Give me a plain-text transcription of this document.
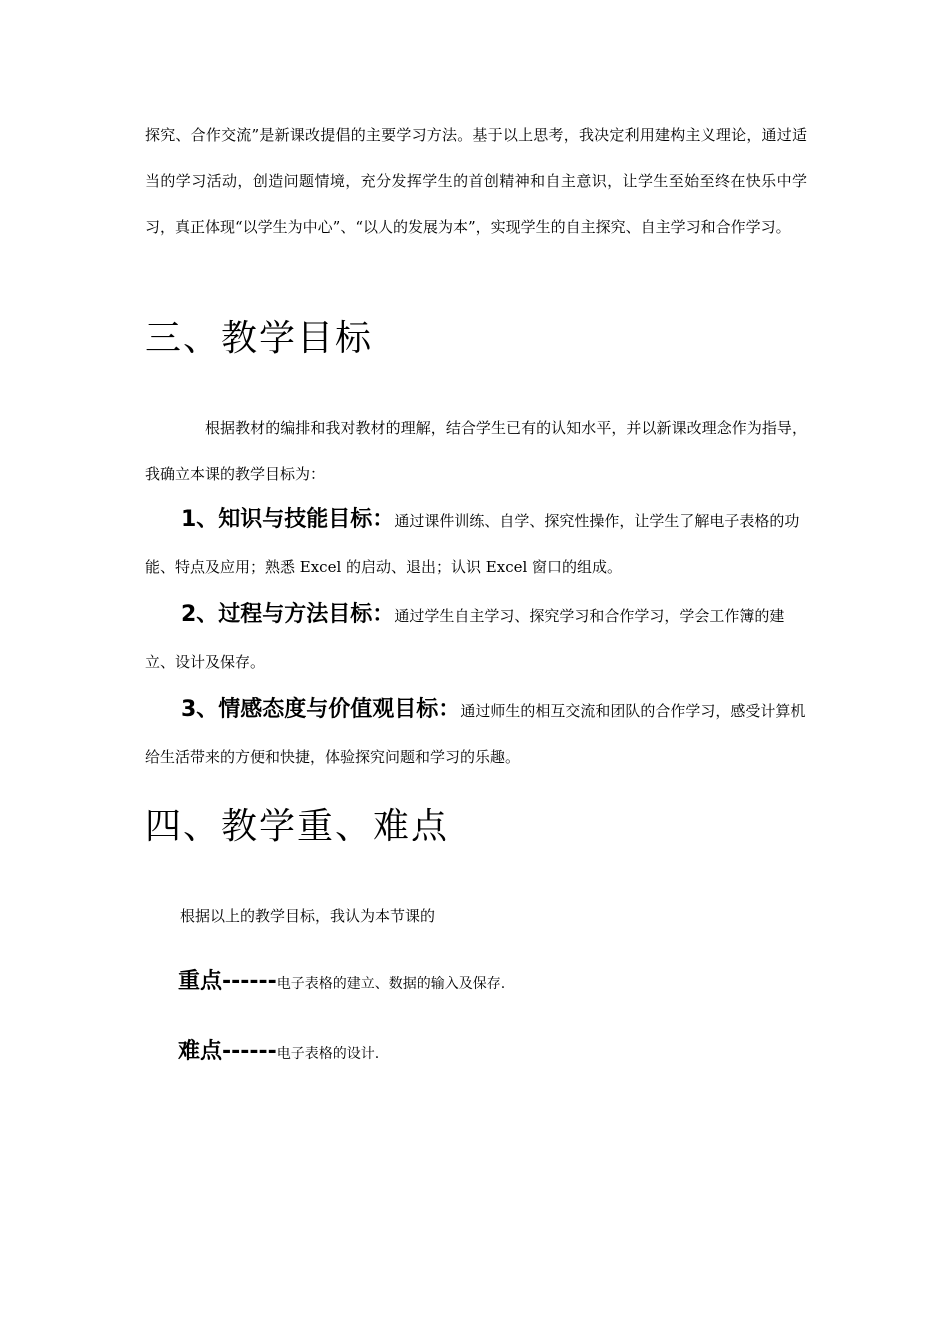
探究、合作交流”是新课改提倡的主要学习方法。基于以上思考，我决定利用建构主义理论，通过适当的学习活动，创造问题情境，充分发挥学生的首创精神和自主意识，让学生至始至终在快乐中学习，真正体现“以学生为中心”、“以人的发展为本”，实现学生的自主探究、自主学习和合作学习。

三、教学目标

根据教材的编排和我对教材的理解，结合学生已有的认知水平，并以新课改理念作为指导，我确立本课的教学目标为：

1、知识与技能目标：通过课件训练、自学、探究性操作，让学生了解电子表格的功能、特点及应用；熟悉 Excel 的启动、退出；认识 Excel 窗口的组成。

2、过程与方法目标：通过学生自主学习、探究学习和合作学习，学会工作簿的建立、设计及保存。

3、情感态度与价值观目标：通过师生的相互交流和团队的合作学习，感受计算机给生活带来的方便和快捷，体验探究问题和学习的乐趣。

四、教学重、难点

根据以上的教学目标，我认为本节课的

重点------电子表格的建立、数据的输入及保存.
难点------电子表格的设计.
